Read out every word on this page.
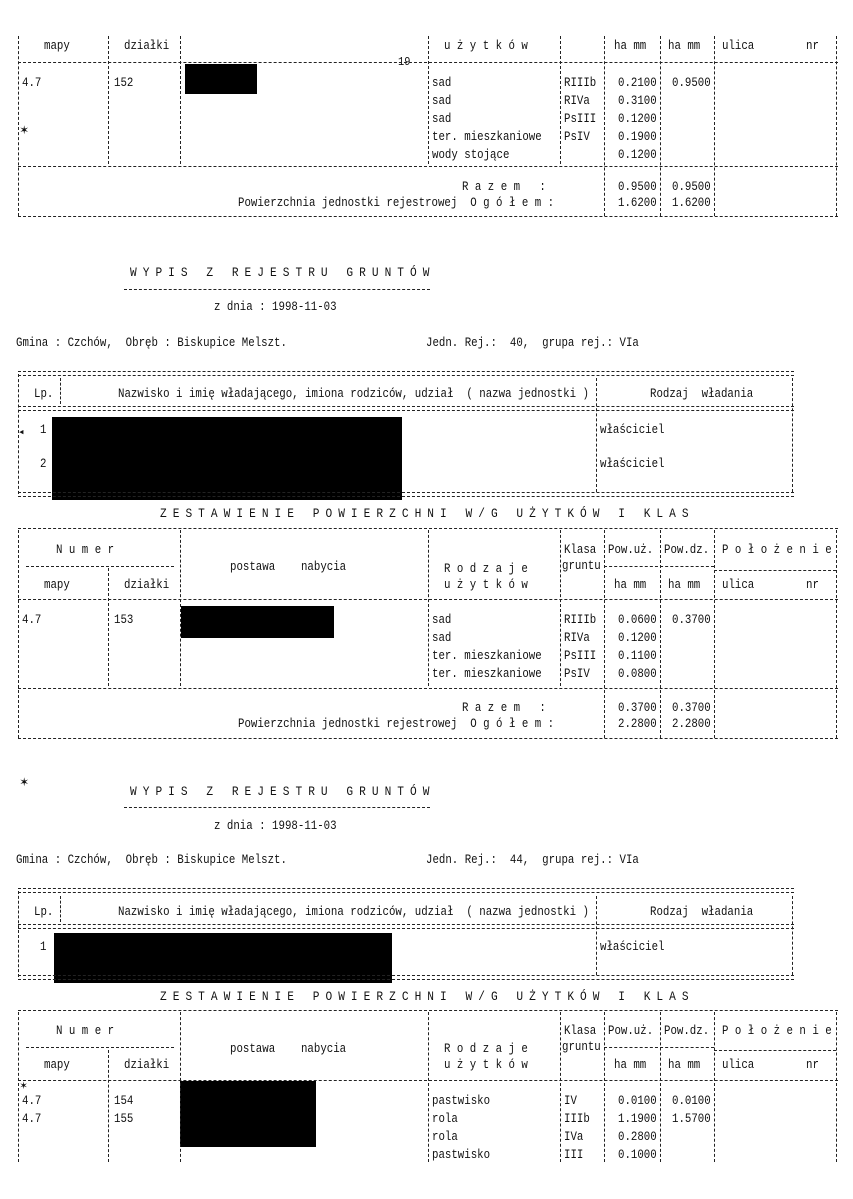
mapy	działki	u ż y t k ó w	ha mm ha mm ulica	nr
19
4.7	152
✶
sad	RIIIb 0.2100 0.9500
sad	RIVa 0.3100
sad	PsIII 0.1200
ter. mieszkaniowe PsIV 0.1900
wody stojące	0.1200
R a z e m   :	0.9500 0.9500
Powierzchnia jednostki rejestrowej  O g ó ł e m :	1.6200 1.6200
WYPIS Z REJESTRU GRUNTÓW
z dnia : 1998-11-03
Gmina : Czchów,  Obręb : Biskupice Melszt.	Jedn. Rej.:  40,  grupa rej.: VIa
Lp.	Nazwisko i imię władającego, imiona rodziców, udział  ( nazwa jednostki )	Rodzaj  władania
◂ 1	właściciel
2	właściciel
ZESTAWIENIE POWIERZCHNI W/G UŻYTKÓW I KLAS
N u m e r
postawa    nabycia	R o d z a j e
u ż y t k ó w
Klasa
gruntu
Pow.uż. Pow.dz. P o ł o ż e n i e
mapy	działki	ha mm ha mm ulica	nr
4.7	153	sad	RIIIb 0.0600 0.3700
sad	RIVa 0.1200
ter. mieszkaniowe PsIII 0.1100
ter. mieszkaniowe PsIV 0.0800
R a z e m   :	0.3700 0.3700
Powierzchnia jednostki rejestrowej  O g ó ł e m :	2.2800 2.2800
✶
WYPIS Z REJESTRU GRUNTÓW
z dnia : 1998-11-03
Gmina : Czchów,  Obręb : Biskupice Melszt.	Jedn. Rej.:  44,  grupa rej.: VIa
Lp.	Nazwisko i imię władającego, imiona rodziców, udział  ( nazwa jednostki )	Rodzaj  władania
1	właściciel
ZESTAWIENIE POWIERZCHNI W/G UŻYTKÓW I KLAS
N u m e r
postawa    nabycia	R o d z a j e
u ż y t k ó w
Klasa
gruntu
Pow.uż. Pow.dz. P o ł o ż e n i e
mapy	działki	ha mm ha mm ulica	nr
✶
4.7	154	pastwisko	IV	0.0100 0.0100
4.7	155	rola	IIIb 1.1900 1.5700
rola	IVa	0.2800
pastwisko	III	0.1000
